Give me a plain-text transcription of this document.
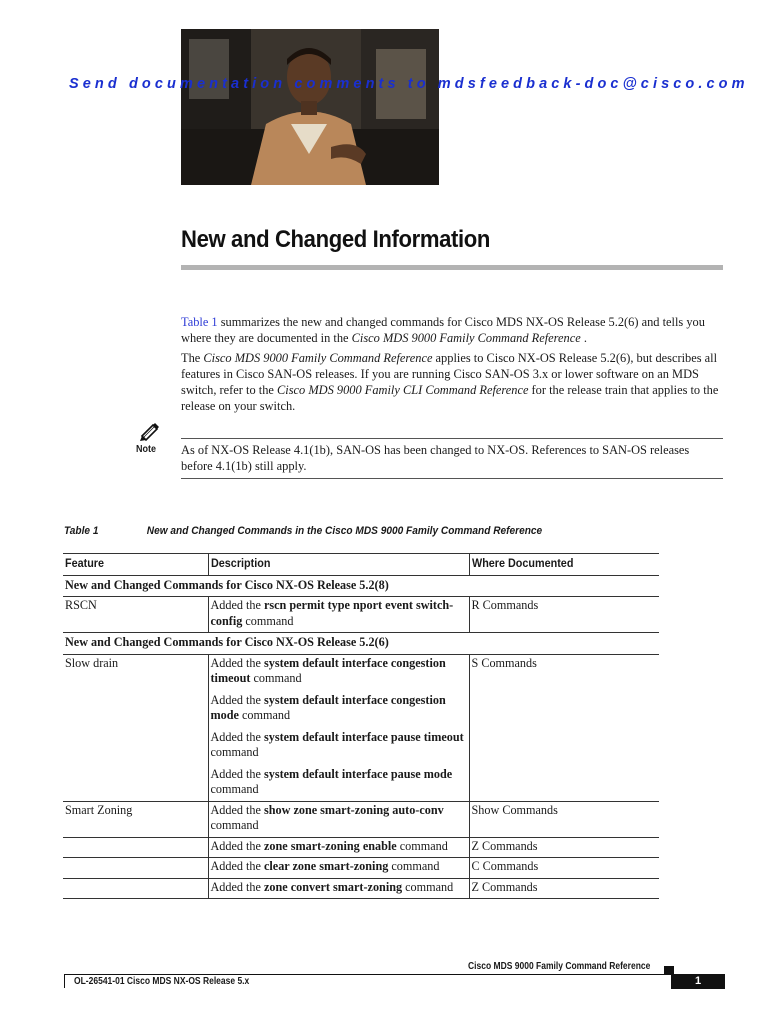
Send documentation comments to mdsfeedback-doc@cisco.com
New and Changed Information
Table 1 summarizes the new and changed commands for Cisco MDS NX-OS Release 5.2(6) and tells you where they are documented in the Cisco MDS 9000 Family Command Reference .
The Cisco MDS 9000 Family Command Reference applies to Cisco NX-OS Release 5.2(6), but describes all features in Cisco SAN-OS releases. If you are running Cisco SAN-OS 3.x or lower software on an MDS switch, refer to the Cisco MDS 9000 Family CLI Command Reference for the release train that applies to the release on your switch.
Note As of NX-OS Release 4.1(1b), SAN-OS has been changed to NX-OS. References to SAN-OS releases before 4.1(1b) still apply.
Table 1	New and Changed Commands in the Cisco MDS 9000 Family Command Reference
Feature	Description	Where Documented
New and Changed Commands for Cisco NX-OS Release 5.2(8)		
RSCN	Added the rscn permit type nport event switch-config command	R Commands
New and Changed Commands for Cisco NX-OS Release 5.2(6)		
Slow drain	Added the system default interface congestion timeout command

Added the system default interface congestion mode command

Added the system default interface pause timeout command

Added the system default interface pause mode command	S Commands
Smart Zoning	Added the show zone smart-zoning auto-conv command	Show Commands
	Added the zone smart-zoning enable command	Z Commands
	Added the clear zone smart-zoning command	C Commands
	Added the zone convert smart-zoning command	Z Commands
Cisco MDS 9000 Family Command Reference
OL-26541-01 Cisco MDS NX-OS Release 5.x	1
